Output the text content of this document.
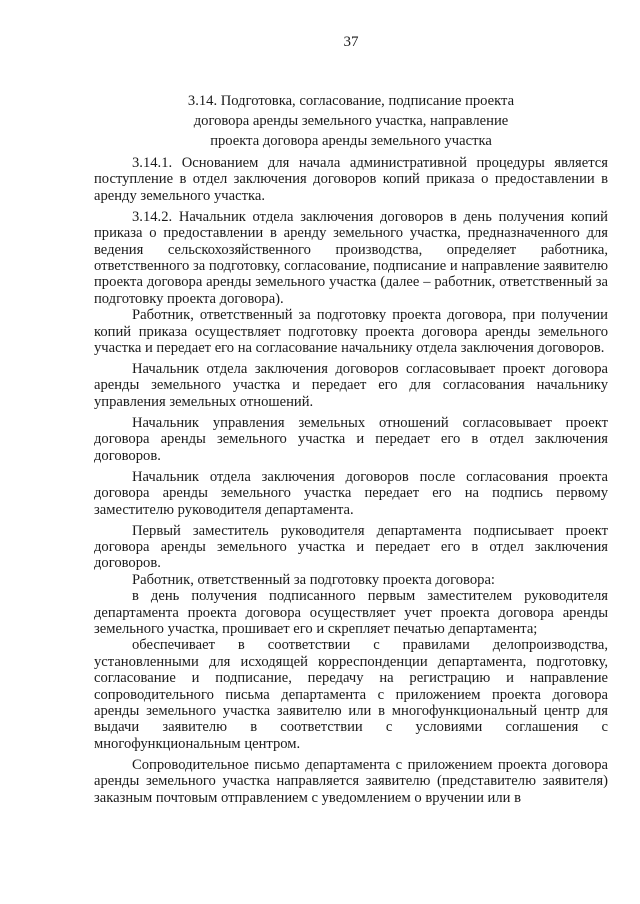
37
3.14. Подготовка, согласование, подписание проекта
договора аренды земельного участка, направление
проекта договора аренды земельного участка

3.14.1. Основанием для начала административной процедуры является поступление в отдел заключения договоров копий приказа о предоставлении в аренду земельного участка.

3.14.2. Начальник отдела заключения договоров в день получения копий приказа о предоставлении в аренду земельного участка, предназначенного для ведения сельскохозяйственного производства, определяет работника, ответственного за подготовку, согласование, подписание и направление заявителю проекта договора аренды земельного участка (далее – работник, ответственный за подготовку проекта договора).

Работник, ответственный за подготовку проекта договора, при получении копий приказа осуществляет подготовку проекта договора аренды земельного участка и передает его на согласование начальнику отдела заключения договоров.

Начальник отдела заключения договоров согласовывает проект договора аренды земельного участка и передает его для согласования начальнику управления земельных отношений.

Начальник управления земельных отношений согласовывает проект договора аренды земельного участка и передает его в отдел заключения договоров.

Начальник отдела заключения договоров после согласования проекта договора аренды земельного участка передает его на подпись первому заместителю руководителя департамента.

Первый заместитель руководителя департамента подписывает проект договора аренды земельного участка и передает его в отдел заключения договоров.

Работник, ответственный за подготовку проекта договора:

в день получения подписанного первым заместителем руководителя департамента проекта договора осуществляет учет проекта договора аренды земельного участка, прошивает его и скрепляет печатью департамента;

обеспечивает в соответствии с правилами делопроизводства, установленными для исходящей корреспонденции департамента, подготовку, согласование и подписание, передачу на регистрацию и направление сопроводительного письма департамента с приложением проекта договора аренды земельного участка заявителю или в многофункциональный центр для выдачи заявителю в соответствии с условиями соглашения с многофункциональным центром.

Сопроводительное письмо департамента с приложением проекта договора аренды земельного участка направляется заявителю (представителю заявителя) заказным почтовым отправлением с уведомлением о вручении или в
